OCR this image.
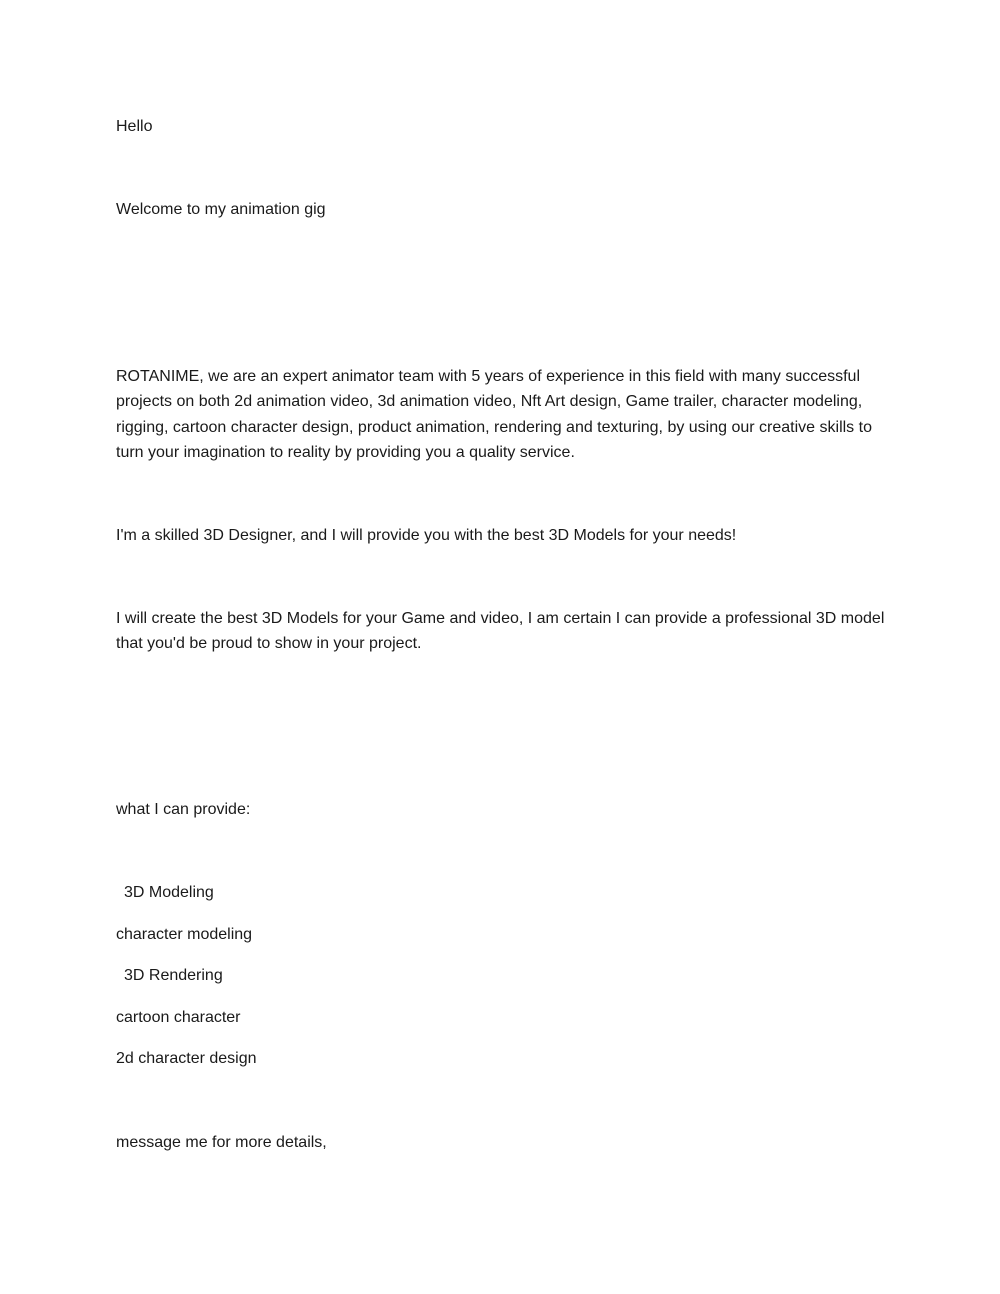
Hello

Welcome to my animation gig

ROTANIME, we are an expert animator team with 5 years of experience in this field with many successful projects on both 2d animation video, 3d animation video, Nft Art design, Game trailer, character modeling, rigging, cartoon character design, product animation, rendering and texturing, by using our creative skills to turn your imagination to reality by providing you a quality service.

I'm a skilled 3D Designer, and I will provide you with the best 3D Models for your needs!

I will create the best 3D Models for your Game and video, I am certain I can provide a professional 3D model that you'd be proud to show in your project.

what I can provide:

3D Modeling

character modeling

3D Rendering

cartoon character

2d character design

message me for more details,
